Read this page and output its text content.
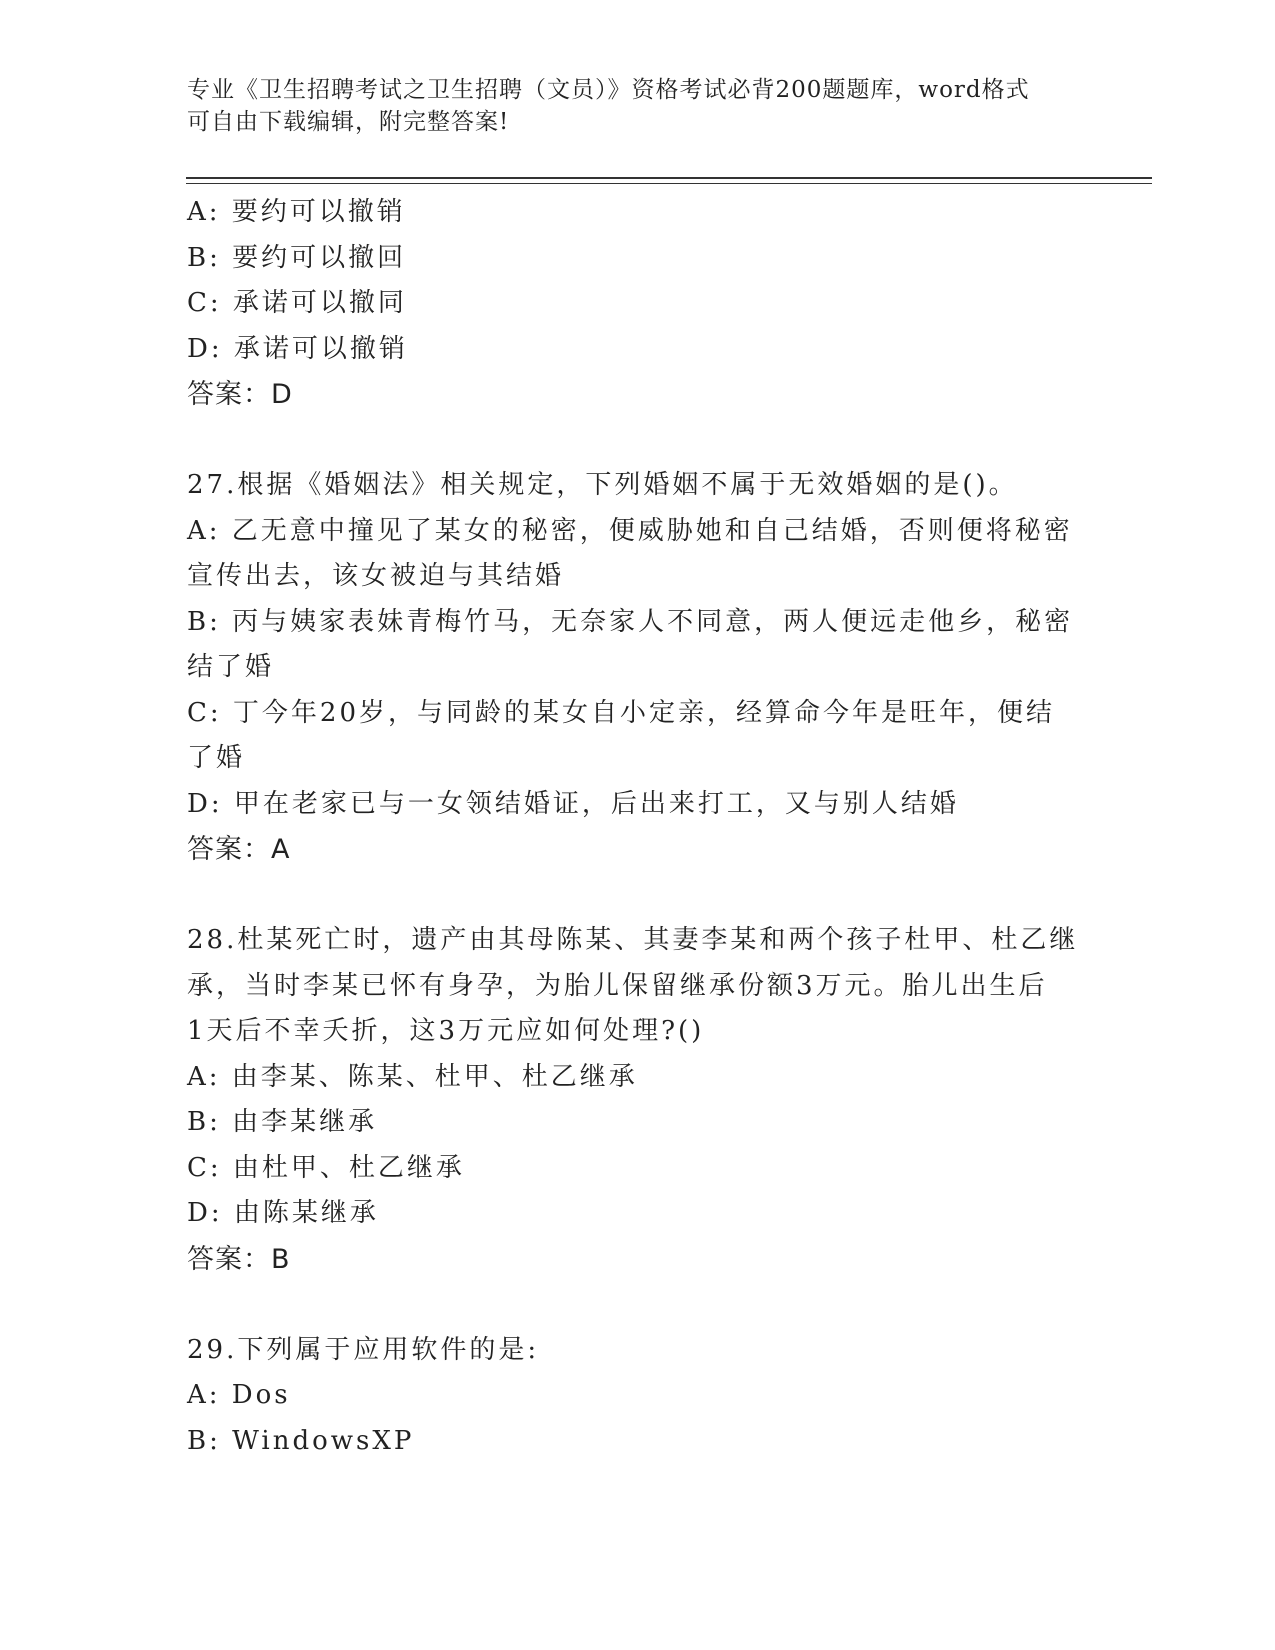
专业《卫生招聘考试之卫生招聘（文员）》资格考试必背200题题库，word格式
可自由下载编辑，附完整答案!
A: 要约可以撤销
B: 要约可以撤回
C: 承诺可以撤同
D: 承诺可以撤销
答案：D
27.根据《婚姻法》相关规定，下列婚姻不属于无效婚姻的是()。
A: 乙无意中撞见了某女的秘密，便威胁她和自己结婚，否则便将秘密
宣传出去，该女被迫与其结婚
B: 丙与姨家表妹青梅竹马，无奈家人不同意，两人便远走他乡，秘密
结了婚
C: 丁今年20岁，与同龄的某女自小定亲，经算命今年是旺年，便结
了婚
D: 甲在老家已与一女领结婚证，后出来打工，又与别人结婚
答案：A
28.杜某死亡时，遗产由其母陈某、其妻李某和两个孩子杜甲、杜乙继
承，当时李某已怀有身孕，为胎儿保留继承份额3万元。胎儿出生后
1天后不幸夭折，这3万元应如何处理?()
A: 由李某、陈某、杜甲、杜乙继承
B: 由李某继承
C: 由杜甲、杜乙继承
D: 由陈某继承
答案：B
29.下列属于应用软件的是:
A: Dos
B: WindowsXP
